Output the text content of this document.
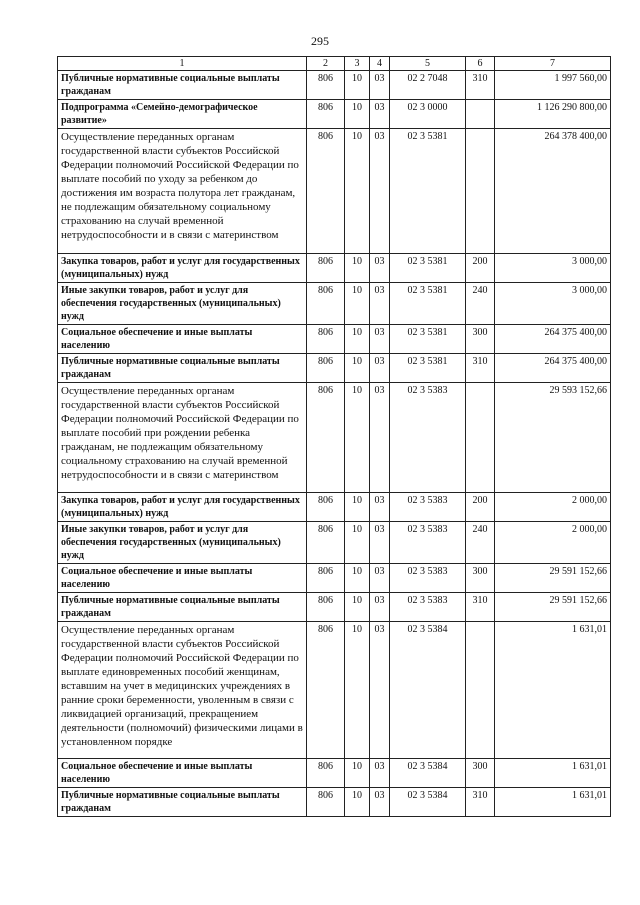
295
1	2	3	4	5	6	7
Публичные нормативные социальные выплаты гражданам	806	10	03	02 2 7048	310	1 997 560,00
Подпрограмма «Семейно-демографическое развитие»	806	10	03	02 3 0000		1 126 290 800,00
Осуществление переданных органам государственной власти субъектов Российской Федерации полномочий Российской Федерации по выплате пособий по уходу за ребенком до достижения им возраста полутора лет гражданам, не подлежащим обязательному социальному страхованию на случай временной нетрудоспособности и в связи с материнством	806	10	03	02 3 5381		264 378 400,00
Закупка товаров, работ и услуг для государственных (муниципальных) нужд	806	10	03	02 3 5381	200	3 000,00
Иные закупки товаров, работ и услуг для обеспечения государственных (муниципальных) нужд	806	10	03	02 3 5381	240	3 000,00
Социальное обеспечение и иные выплаты населению	806	10	03	02 3 5381	300	264 375 400,00
Публичные нормативные социальные выплаты гражданам	806	10	03	02 3 5381	310	264 375 400,00
Осуществление переданных органам государственной власти субъектов Российской Федерации полномочий Российской Федерации по выплате пособий при рождении ребенка гражданам, не подлежащим обязательному социальному страхованию на случай временной нетрудоспособности и в связи с материнством	806	10	03	02 3 5383		29 593 152,66
Закупка товаров, работ и услуг для государственных (муниципальных) нужд	806	10	03	02 3 5383	200	2 000,00
Иные закупки товаров, работ и услуг для обеспечения государственных (муниципальных) нужд	806	10	03	02 3 5383	240	2 000,00
Социальное обеспечение и иные выплаты населению	806	10	03	02 3 5383	300	29 591 152,66
Публичные нормативные социальные выплаты гражданам	806	10	03	02 3 5383	310	29 591 152,66
Осуществление переданных органам государственной власти субъектов Российской Федерации полномочий Российской Федерации по выплате единовременных пособий женщинам, вставшим на учет в медицинских учреждениях в ранние сроки беременности, уволенным в связи с ликвидацией организаций, прекращением деятельности (полномочий) физическими лицами в установленном порядке	806	10	03	02 3 5384		1 631,01
Социальное обеспечение и иные выплаты населению	806	10	03	02 3 5384	300	1 631,01
Публичные нормативные социальные выплаты гражданам	806	10	03	02 3 5384	310	1 631,01
